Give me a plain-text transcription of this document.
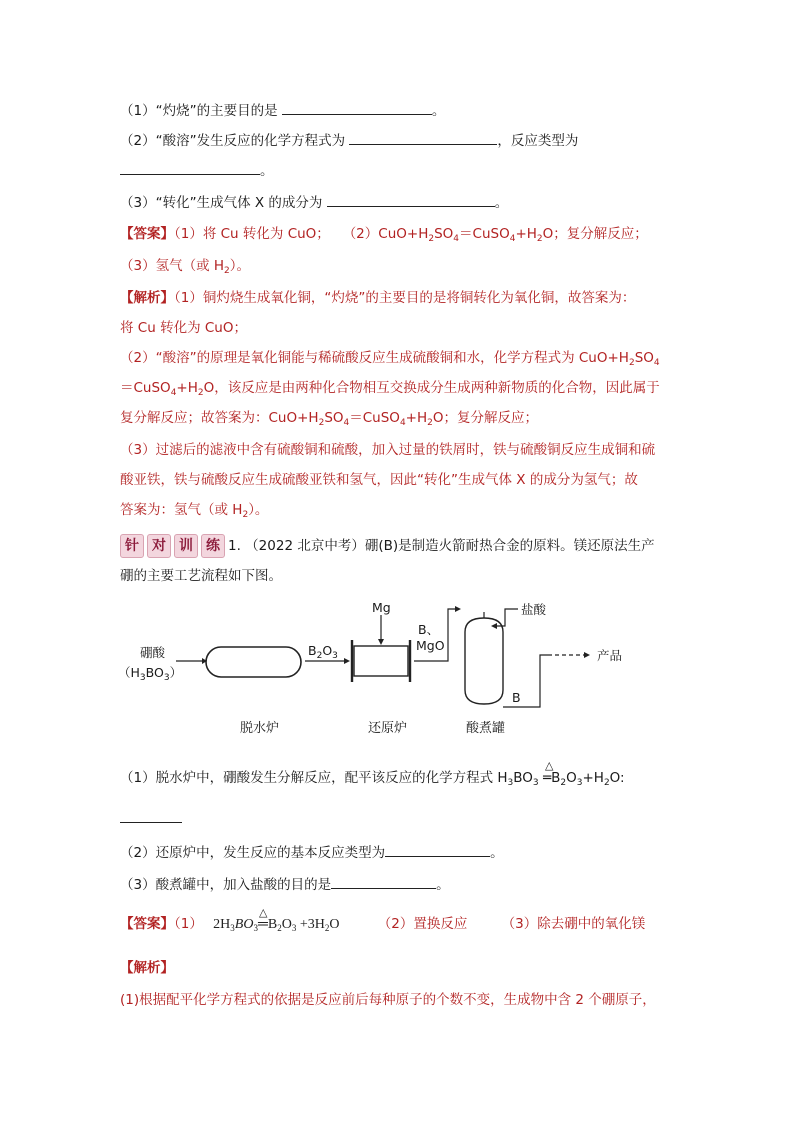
（1）“灼烧”的主要目的是	。
（2）“酸溶”发生反应的化学方程式为	，反应类型为
。
（3）“转化”生成气体 X 的成分为	。
【答案】（1）将 Cu 转化为 CuO； $(2)CuO+H_2SO_4=CuSO_4+H_2O$；复分解反应；
（3）氢气（或 $H_2$）。
【解析】（1）铜灼烧生成氧化铜，“灼烧”的主要目的是将铜转化为氧化铜，故答案为：
将 Cu 转化为 CuO；
（2）“酸溶”的原理是氧化铜能与稀硫酸反应生成硫酸铜和水，化学方程式为 $CuO+H_2SO_4$
$=CuSO_4+H_2O$，该反应是由两种化合物相互交换成分生成两种新物质的化合物，因此属于
复分解反应；故答案为：$CuO+H_2SO_4=CuSO_4+H_2O$；复分解反应；
（3）过滤后的滤液中含有硫酸铜和硫酸，加入过量的铁屑时，铁与硫酸铜反应生成铜和硫
酸亚铁，铁与硫酸反应生成硫酸亚铁和氢气，因此“转化”生成气体 X 的成分为氢气；故
答案为：氢气（或 $H_2$）。
针 对 训 练 1. （2022 北京中考）硼(B)是制造火箭耐热合金的原料。镁还原法生产
硼的主要工艺流程如下图。
硼酸
$(H_3BO_3)$
$B_2O_3$
Mg
B、
MgO
盐酸
B
产品
脱水炉	还原炉	酸煮罐
（1）脱水炉中，硼酸发生分解反应，配平该反应的化学方程式 $H_3BO_3$
△
$═B_2O_3+H_2O$:
（2）还原炉中，发生反应的基本反应类型为	。
（3）酸煮罐中，加入盐酸的目的是	。
【答案】（1） $2H_3BO_3$
△
$═B_2O_3 +3H_2O$	（2）置换反应	（3）除去硼中的氧化镁
【解析】
(1)根据配平化学方程式的依据是反应前后每种原子的个数不变，生成物中含 2 个硼原子，
